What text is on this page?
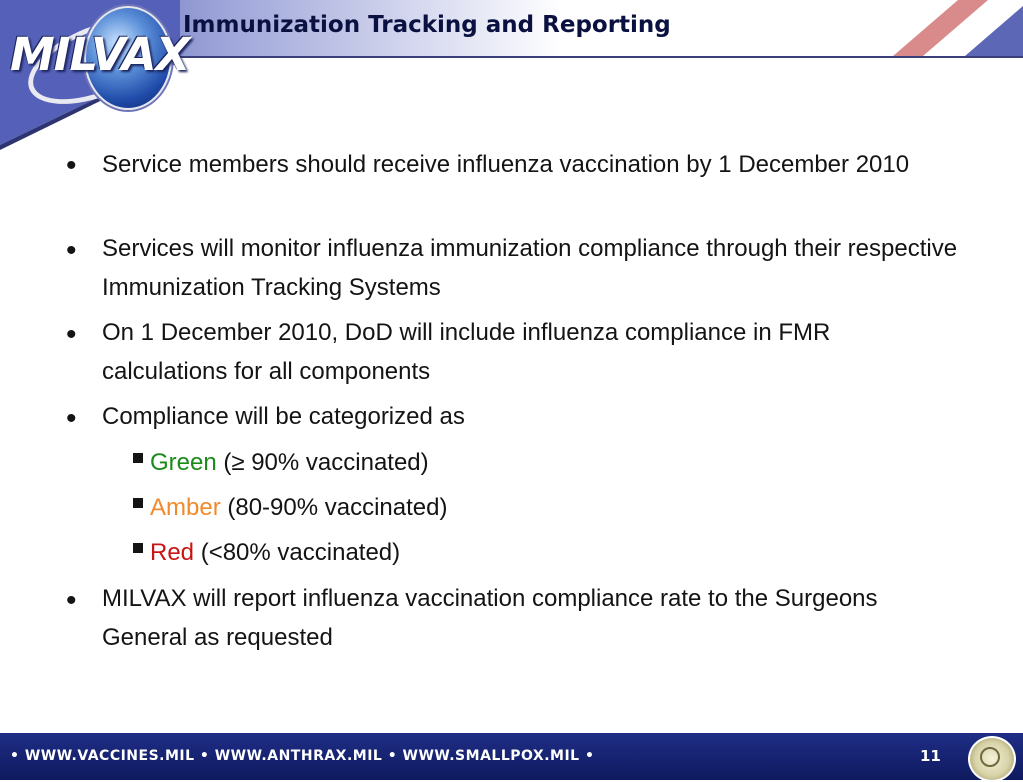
MILVAX
Immunization Tracking and Reporting
•	Service members should receive influenza vaccination by 1 December 2010
•	Services will monitor influenza immunization compliance through their respective Immunization Tracking Systems
•	On 1 December 2010, DoD will include influenza compliance in FMR calculations for all components
•	Compliance will be categorized as
Green (≥ 90% vaccinated)
Amber (80-90% vaccinated)
Red (<80% vaccinated)
•	MILVAX will report influenza vaccination compliance rate to the Surgeons General as requested
• WWW.VACCINES.MIL • WWW.ANTHRAX.MIL • WWW.SMALLPOX.MIL •	11
